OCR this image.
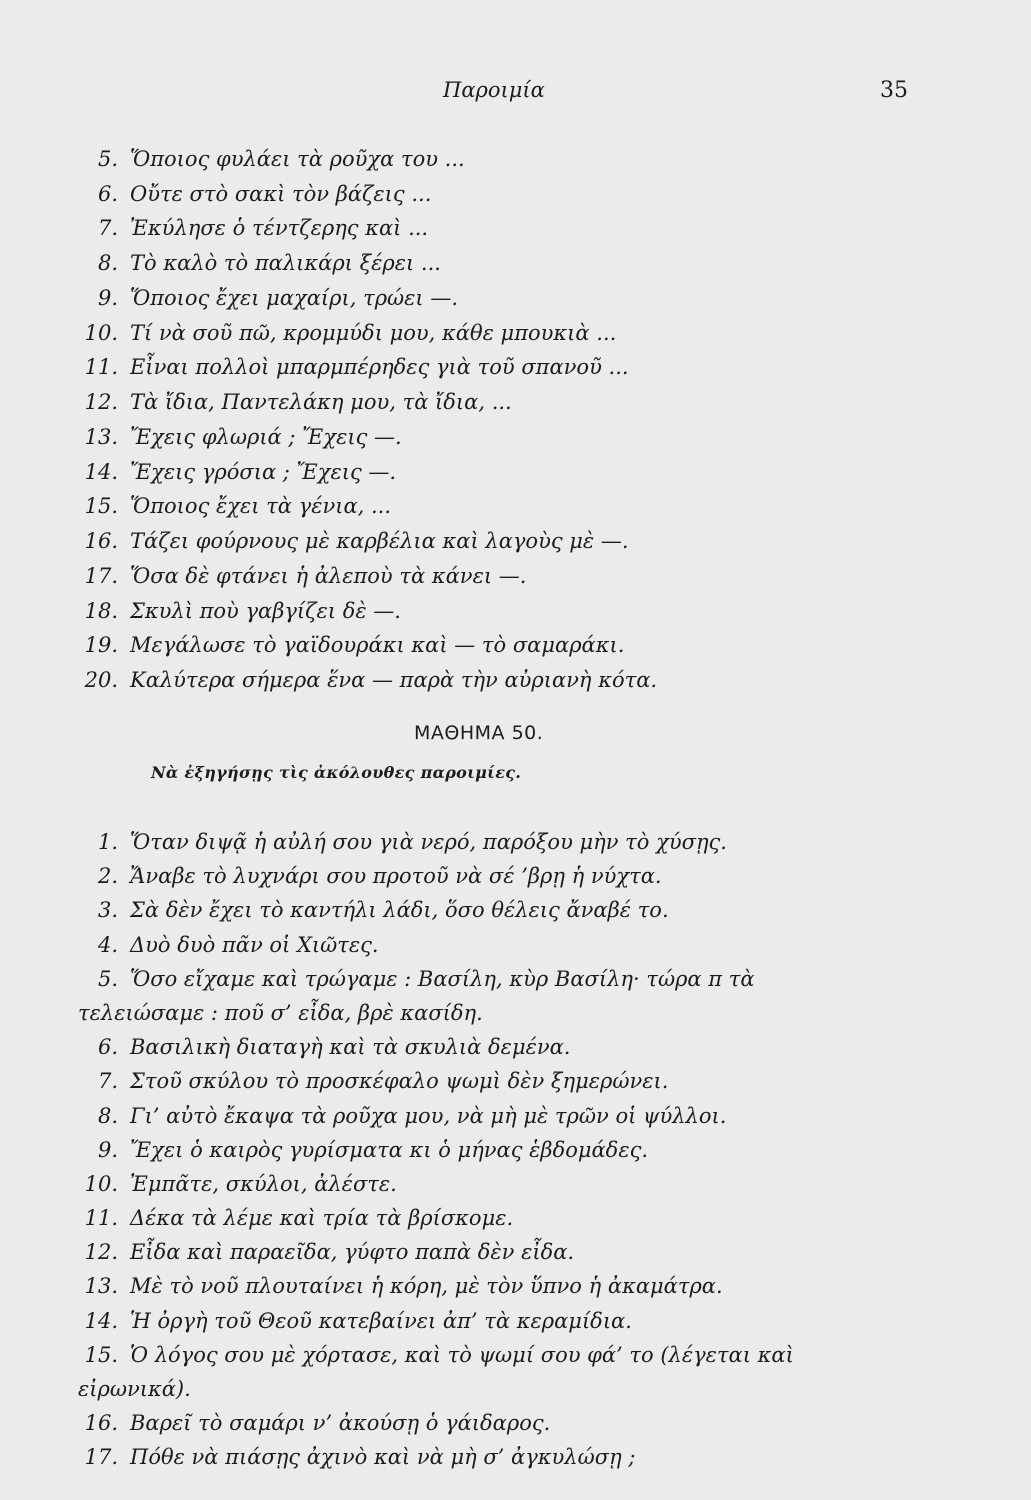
Παροιμία	35
5. Ὅποιος φυλάει τὰ ροῦχα του ...
6. Οὔτε στὸ σακὶ τὸν βάζεις ...
7. Ἐκύλησε ὁ τέντζερης καὶ ...
8. Τὸ καλὸ τὸ παλικάρι ξέρει ...
9. Ὅποιος ἔχει μαχαίρι, τρώει —.
10. Τί νὰ σοῦ πῶ, κρομμύδι μου, κάθε μπουκιὰ ...
11. Εἶναι πολλοὶ μπαρμπέρηδες γιὰ τοῦ σπανοῦ ...
12. Τὰ ἴδια, Παντελάκη μου, τὰ ἴδια, ...
13. Ἔχεις φλωριά ; Ἔχεις —.
14. Ἔχεις γρόσια ; Ἔχεις —.
15. Ὅποιος ἔχει τὰ γένια, ...
16. Τάζει φούρνους μὲ καρβέλια καὶ λαγοὺς μὲ —.
17. Ὅσα δὲ φτάνει ἡ ἀλεποὺ τὰ κάνει —.
18. Σκυλὶ ποὺ γαβγίζει δὲ —.
19. Μεγάλωσε τὸ γαϊδουράκι καὶ — τὸ σαμαράκι.
20. Καλύτερα σήμερα ἕνα — παρὰ τὴν αὐριανὴ κότα.
ΜΑΘΗΜΑ 50.
Νὰ ἐξηγήσῃς τὶς ἀκόλουθες παροιμίες.
1. Ὅταν διψᾷ ἡ αὐλή σου γιὰ νερό, παρόξου μὴν τὸ χύσῃς.
2. Ἄναβε τὸ λυχνάρι σου προτοῦ νὰ σέ ’βρῃ ἡ νύχτα.
3. Σὰ δὲν ἔχει τὸ καντήλι λάδι, ὅσο θέλεις ἄναβέ το.
4. Δυὸ δυὸ πᾶν οἱ Χιῶτες.
5. Ὅσο εἴχαμε καὶ τρώγαμε : Βασίλη, κὺρ Βασίλη· τώρα π τὰ
τελειώσαμε : ποῦ σ’ εἶδα, βρὲ κασίδη.
6. Βασιλικὴ διαταγὴ καὶ τὰ σκυλιὰ δεμένα.
7. Στοῦ σκύλου τὸ προσκέφαλο ψωμὶ δὲν ξημερώνει.
8. Γι’ αὐτὸ ἔκαψα τὰ ροῦχα μου, νὰ μὴ μὲ τρῶν οἱ ψύλλοι.
9. Ἔχει ὁ καιρὸς γυρίσματα κι ὁ μήνας ἑβδομάδες.
10. Ἐμπᾶτε, σκύλοι, ἀλέστε.
11. Δέκα τὰ λέμε καὶ τρία τὰ βρίσκομε.
12. Εἶδα καὶ παραεῖδα, γύφτο παπὰ δὲν εἶδα.
13. Μὲ τὸ νοῦ πλουταίνει ἡ κόρη, μὲ τὸν ὕπνο ἡ ἀκαμάτρα.
14. Ἡ ὀργὴ τοῦ Θεοῦ κατεβαίνει ἀπ’ τὰ κεραμίδια.
15. Ὁ λόγος σου μὲ χόρτασε, καὶ τὸ ψωμί σου φά’ το (λέγεται καὶ
εἰρωνικά).
16. Βαρεῖ τὸ σαμάρι ν’ ἀκούσῃ ὁ γάιδαρος.
17. Πόθε νὰ πιάσῃς ἀχινὸ καὶ νὰ μὴ σ’ ἀγκυλώσῃ ;
